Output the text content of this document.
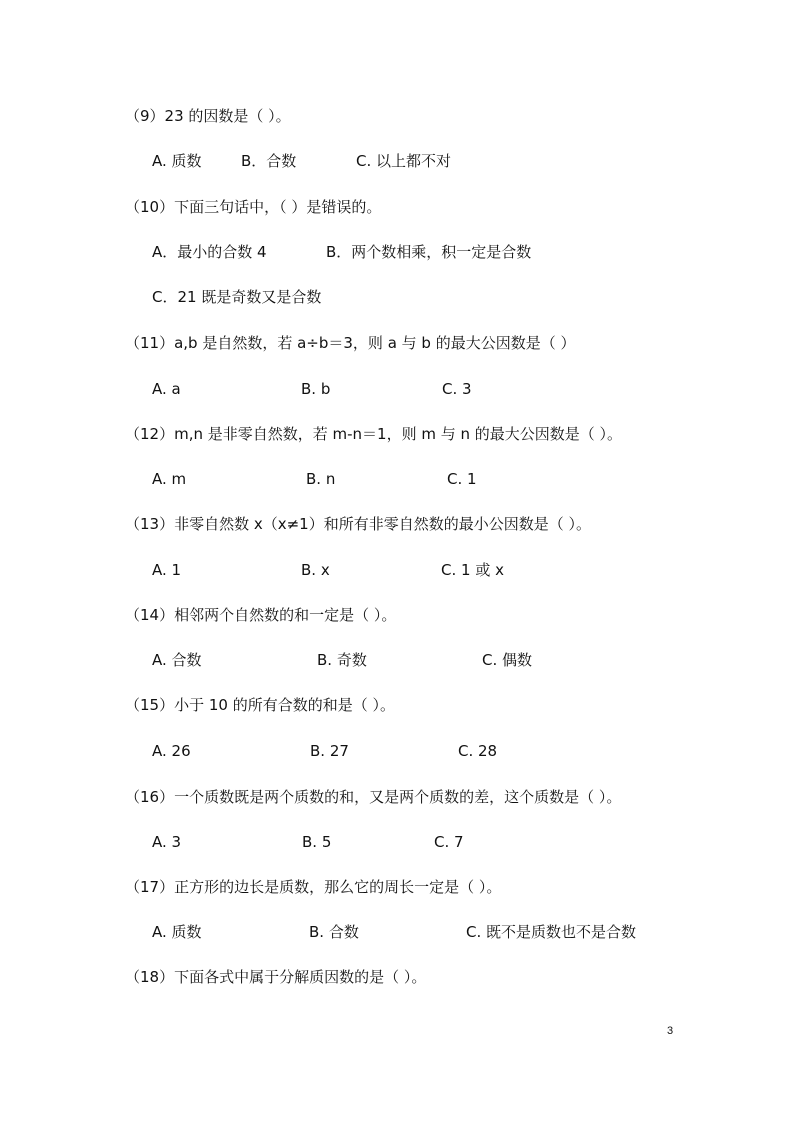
（9）23 的因数是（ ）。
A. 质数	B．合数	C. 以上都不对
（10）下面三句话中，（ ）是错误的。
A．最小的合数 4	B．两个数相乘，积一定是合数
C．21 既是奇数又是合数
（11）a,b 是自然数，若 a÷b＝3，则 a 与 b 的最大公因数是（ ）
A. a	B. b	C. 3
（12）m,n 是非零自然数，若 m-n＝1，则 m 与 n 的最大公因数是（ ）。
A. m	B. n	C. 1
（13）非零自然数 x（x≠1）和所有非零自然数的最小公因数是（ ）。
A. 1	B. x	C. 1 或 x
（14）相邻两个自然数的和一定是（ ）。
A. 合数	B. 奇数	C. 偶数
（15）小于 10 的所有合数的和是（ ）。
A. 26	B. 27	C. 28
（16）一个质数既是两个质数的和，又是两个质数的差，这个质数是（ ）。
A. 3	B. 5	C. 7
（17）正方形的边长是质数，那么它的周长一定是（ ）。
A. 质数	B. 合数	C. 既不是质数也不是合数
（18）下面各式中属于分解质因数的是（ ）。
3
